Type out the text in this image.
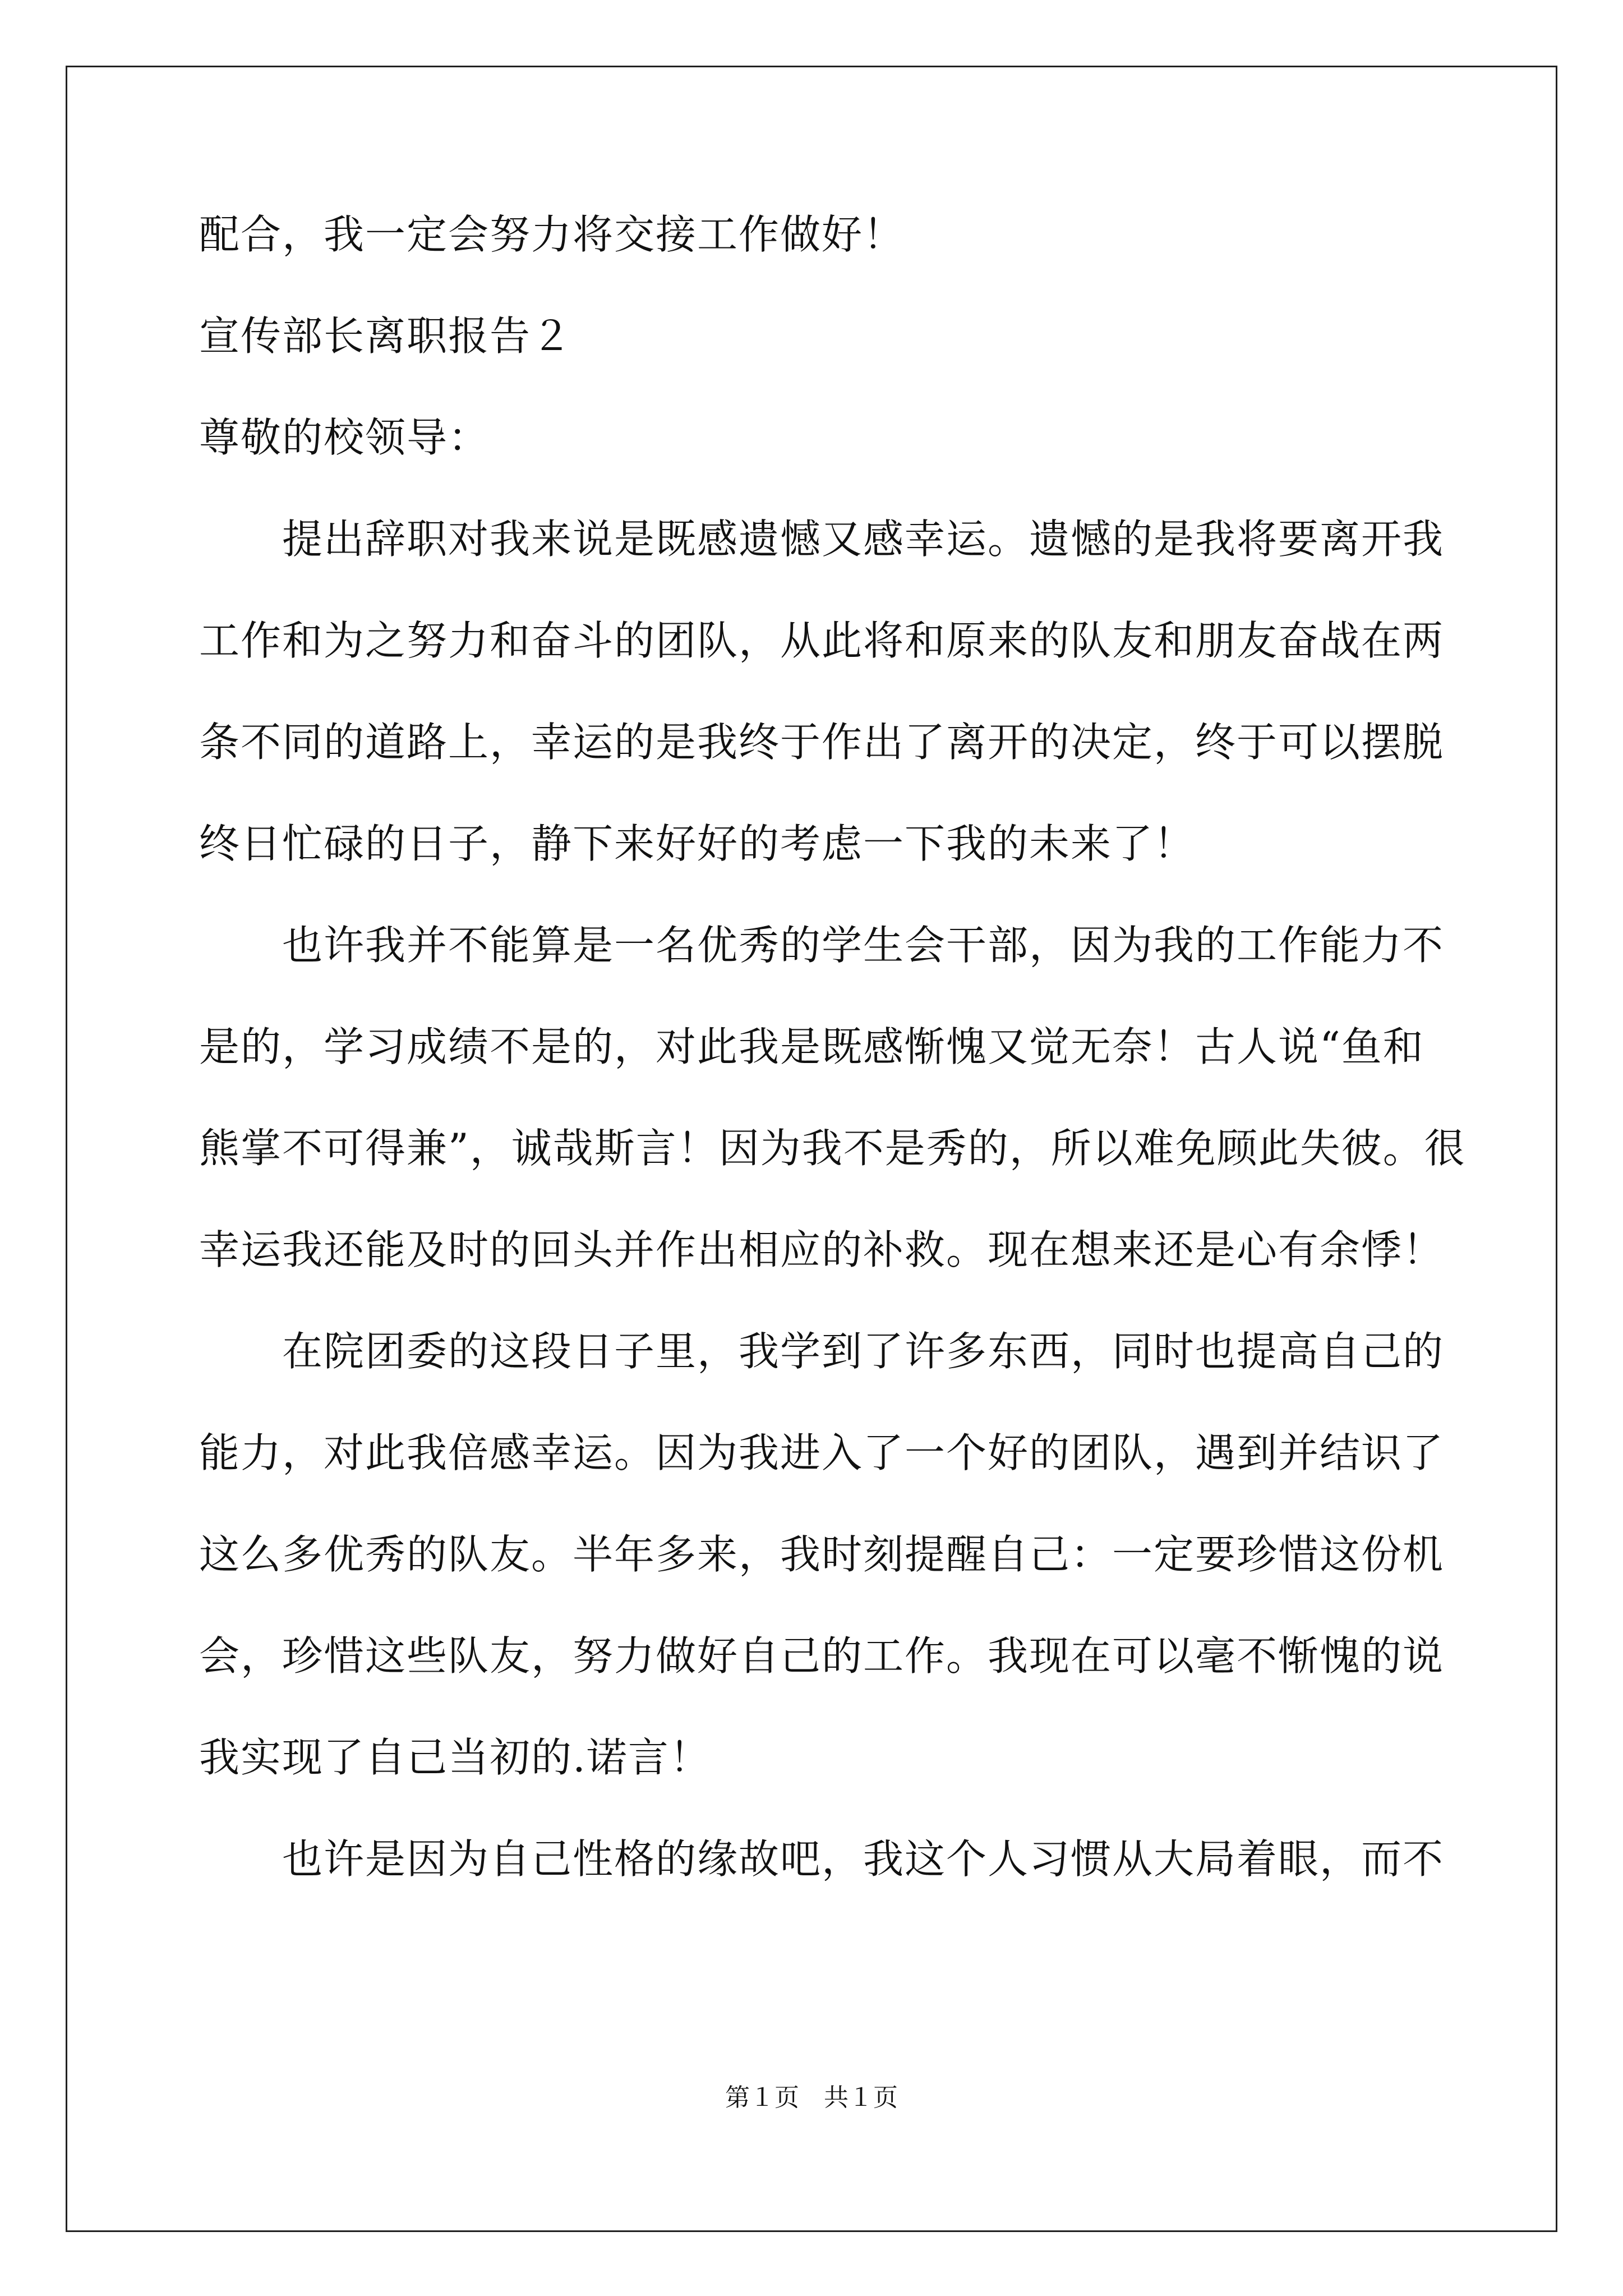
配合，我一定会努力将交接工作做好！
宣传部长离职报告２
尊敬的校领导：
提出辞职对我来说是既感遗憾又感幸运。遗憾的是我将要离开我
工作和为之努力和奋斗的团队，从此将和原来的队友和朋友奋战在两
条不同的道路上，幸运的是我终于作出了离开的决定，终于可以摆脱
终日忙碌的日子，静下来好好的考虑一下我的未来了！
也许我并不能算是一名优秀的学生会干部，因为我的工作能力不
是的，学习成绩不是的，对此我是既感惭愧又觉无奈！古人说“鱼和
熊掌不可得兼”，诚哉斯言！因为我不是秀的，所以难免顾此失彼。很
幸运我还能及时的回头并作出相应的补救。现在想来还是心有余悸！
在院团委的这段日子里，我学到了许多东西，同时也提高自己的
能力，对此我倍感幸运。因为我进入了一个好的团队，遇到并结识了
这么多优秀的队友。半年多来，我时刻提醒自己：一定要珍惜这份机
会，珍惜这些队友，努力做好自己的工作。我现在可以毫不惭愧的说
我实现了自己当初的.诺言！
也许是因为自己性格的缘故吧，我这个人习惯从大局着眼，而不
第１页　共１页
